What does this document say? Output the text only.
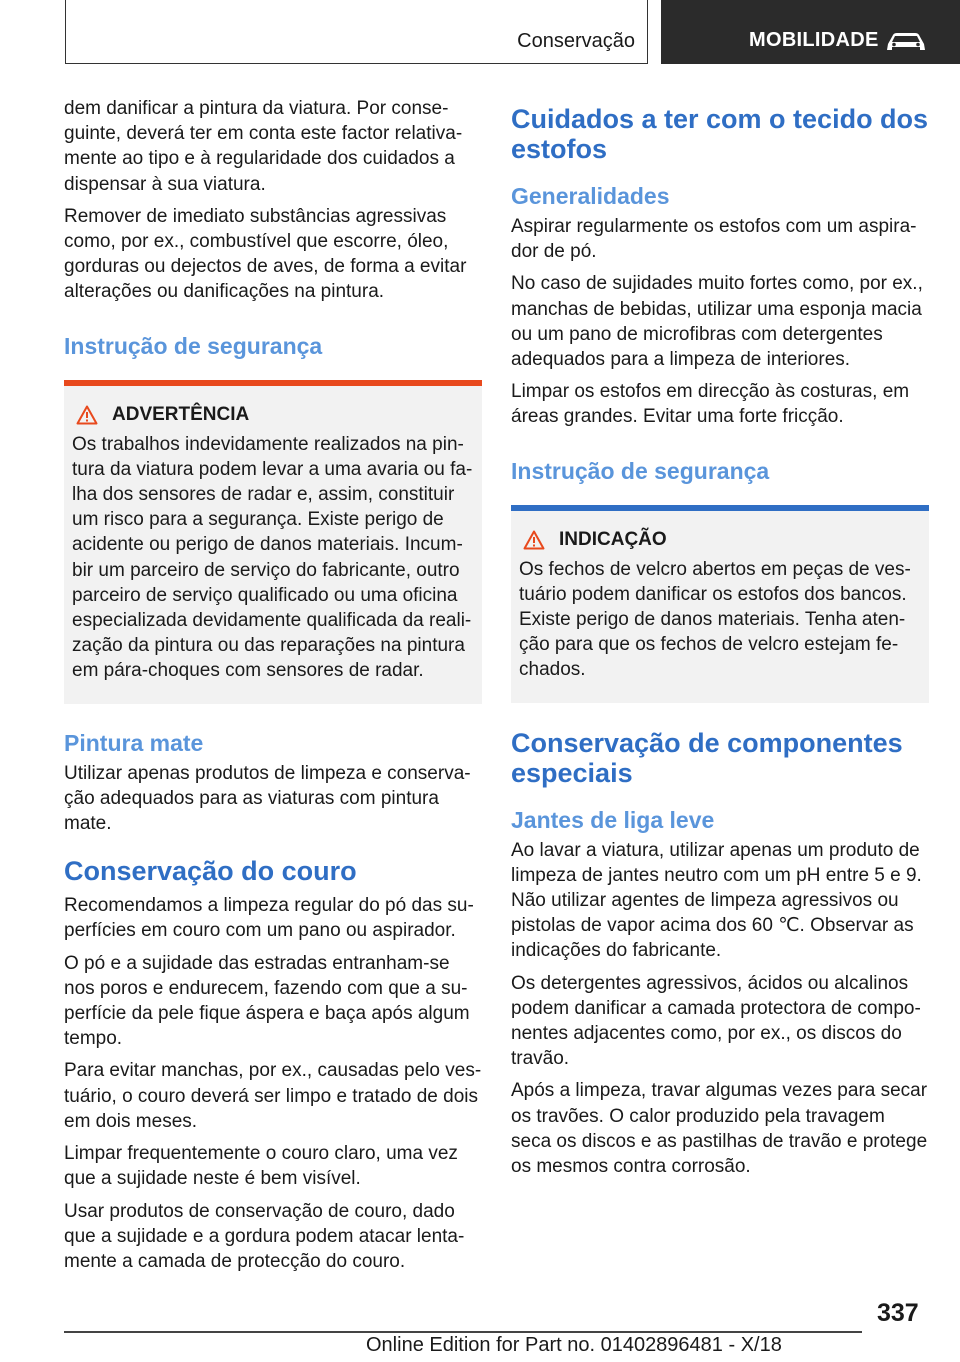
Conservação	MOBILIDADE

dem danificar a pintura da viatura. Por conse-guinte, deverá ter em conta este factor relativa-mente ao tipo e à regularidade dos cuidados a dispensar à sua viatura.

Remover de imediato substâncias agressivas como, por ex., combustível que escorre, óleo, gorduras ou dejectos de aves, de forma a evitar alterações ou danificações na pintura.

Instrução de segurança
ADVERTÊNCIA

Os trabalhos indevidamente realizados na pin-tura da viatura podem levar a uma avaria ou fa-lha dos sensores de radar e, assim, constituir um risco para a segurança. Existe perigo de acidente ou perigo de danos materiais. Incum-bir um parceiro de serviço do fabricante, outro parceiro de serviço qualificado ou uma oficina especializada devidamente qualificada da reali-zação da pintura ou das reparações na pintura em pára-choques com sensores de radar.

Pintura mate

Utilizar apenas produtos de limpeza e conserva-ção adequados para as viaturas com pintura mate.

Conservação do couro

Recomendamos a limpeza regular do pó das su-perfícies em couro com um pano ou aspirador.

O pó e a sujidade das estradas entranham-se nos poros e endurecem, fazendo com que a su-perfície da pele fique áspera e baça após algum tempo.

Para evitar manchas, por ex., causadas pelo ves-tuário, o couro deverá ser limpo e tratado de dois em dois meses.

Limpar frequentemente o couro claro, uma vez que a sujidade neste é bem visível.

Usar produtos de conservação de couro, dado que a sujidade e a gordura podem atacar lenta-mente a camada de protecção do couro.

Cuidados a ter com o tecido dos estofos
Generalidades

Aspirar regularmente os estofos com um aspira-dor de pó.

No caso de sujidades muito fortes como, por ex., manchas de bebidas, utilizar uma esponja macia ou um pano de microfibras com detergentes adequados para a limpeza de interiores.

Limpar os estofos em direcção às costuras, em áreas grandes. Evitar uma forte fricção.

Instrução de segurança
INDICAÇÃO

Os fechos de velcro abertos em peças de ves-tuário podem danificar os estofos dos bancos. Existe perigo de danos materiais. Tenha aten-ção para que os fechos de velcro estejam fe-chados.

Conservação de componentes especiais
Jantes de liga leve

Ao lavar a viatura, utilizar apenas um produto de limpeza de jantes neutro com um pH entre 5 e 9. Não utilizar agentes de limpeza agressivos ou pistolas de vapor acima dos 60 ℃. Observar as indicações do fabricante.

Os detergentes agressivos, ácidos ou alcalinos podem danificar a camada protectora de compo-nentes adjacentes como, por ex., os discos do travão.

Após a limpeza, travar algumas vezes para secar os travões. O calor produzido pela travagem seca os discos e as pastilhas de travão e protege os mesmos contra corrosão.

337
Online Edition for Part no. 01402896481 - X/18
